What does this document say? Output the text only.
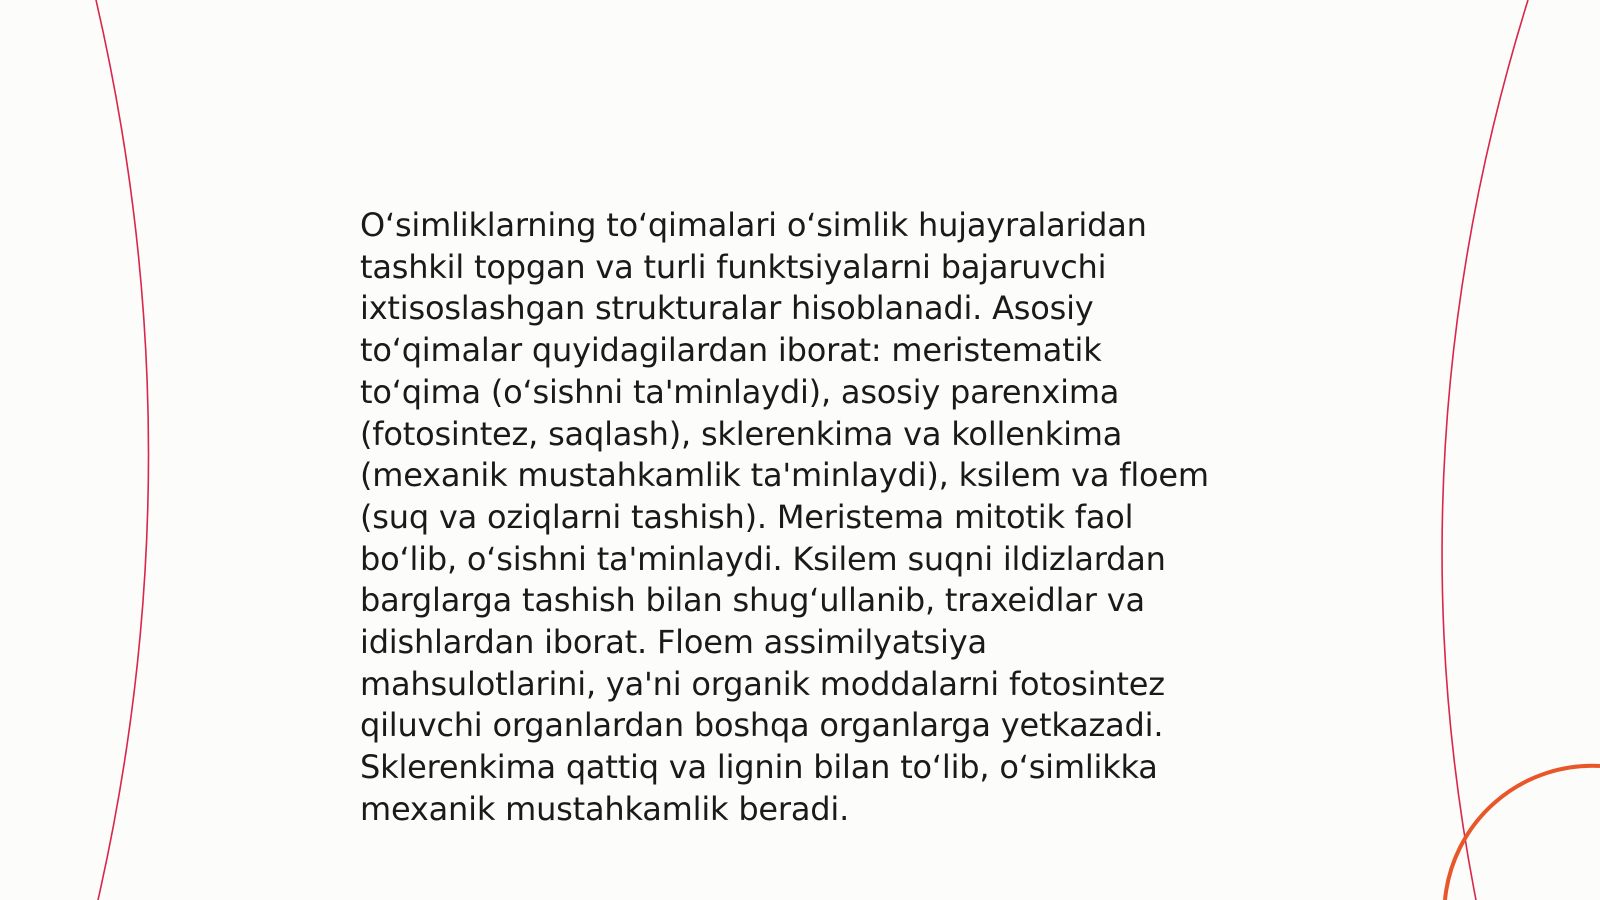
O‘simliklarning to‘qimalari o‘simlik hujayralaridan
tashkil topgan va turli funktsiyalarni bajaruvchi
ixtisoslashgan strukturalar hisoblanadi. Asosiy
to‘qimalar quyidagilardan iborat: meristematik
to‘qima (o‘sishni ta'minlaydi), asosiy parenxima
(fotosintez, saqlash), sklerenkima va kollenkima
(mexanik mustahkamlik ta'minlaydi), ksilem va floem
(suq va oziqlarni tashish). Meristema mitotik faol
bo‘lib, o‘sishni ta'minlaydi. Ksilem suqni ildizlardan
barglarga tashish bilan shug‘ullanib, traxeidlar va
idishlardan iborat. Floem assimilyatsiya
mahsulotlarini, ya'ni organik moddalarni fotosintez
qiluvchi organlardan boshqa organlarga yetkazadi.
Sklerenkima qattiq va lignin bilan to‘lib, o‘simlikka
mexanik mustahkamlik beradi.
